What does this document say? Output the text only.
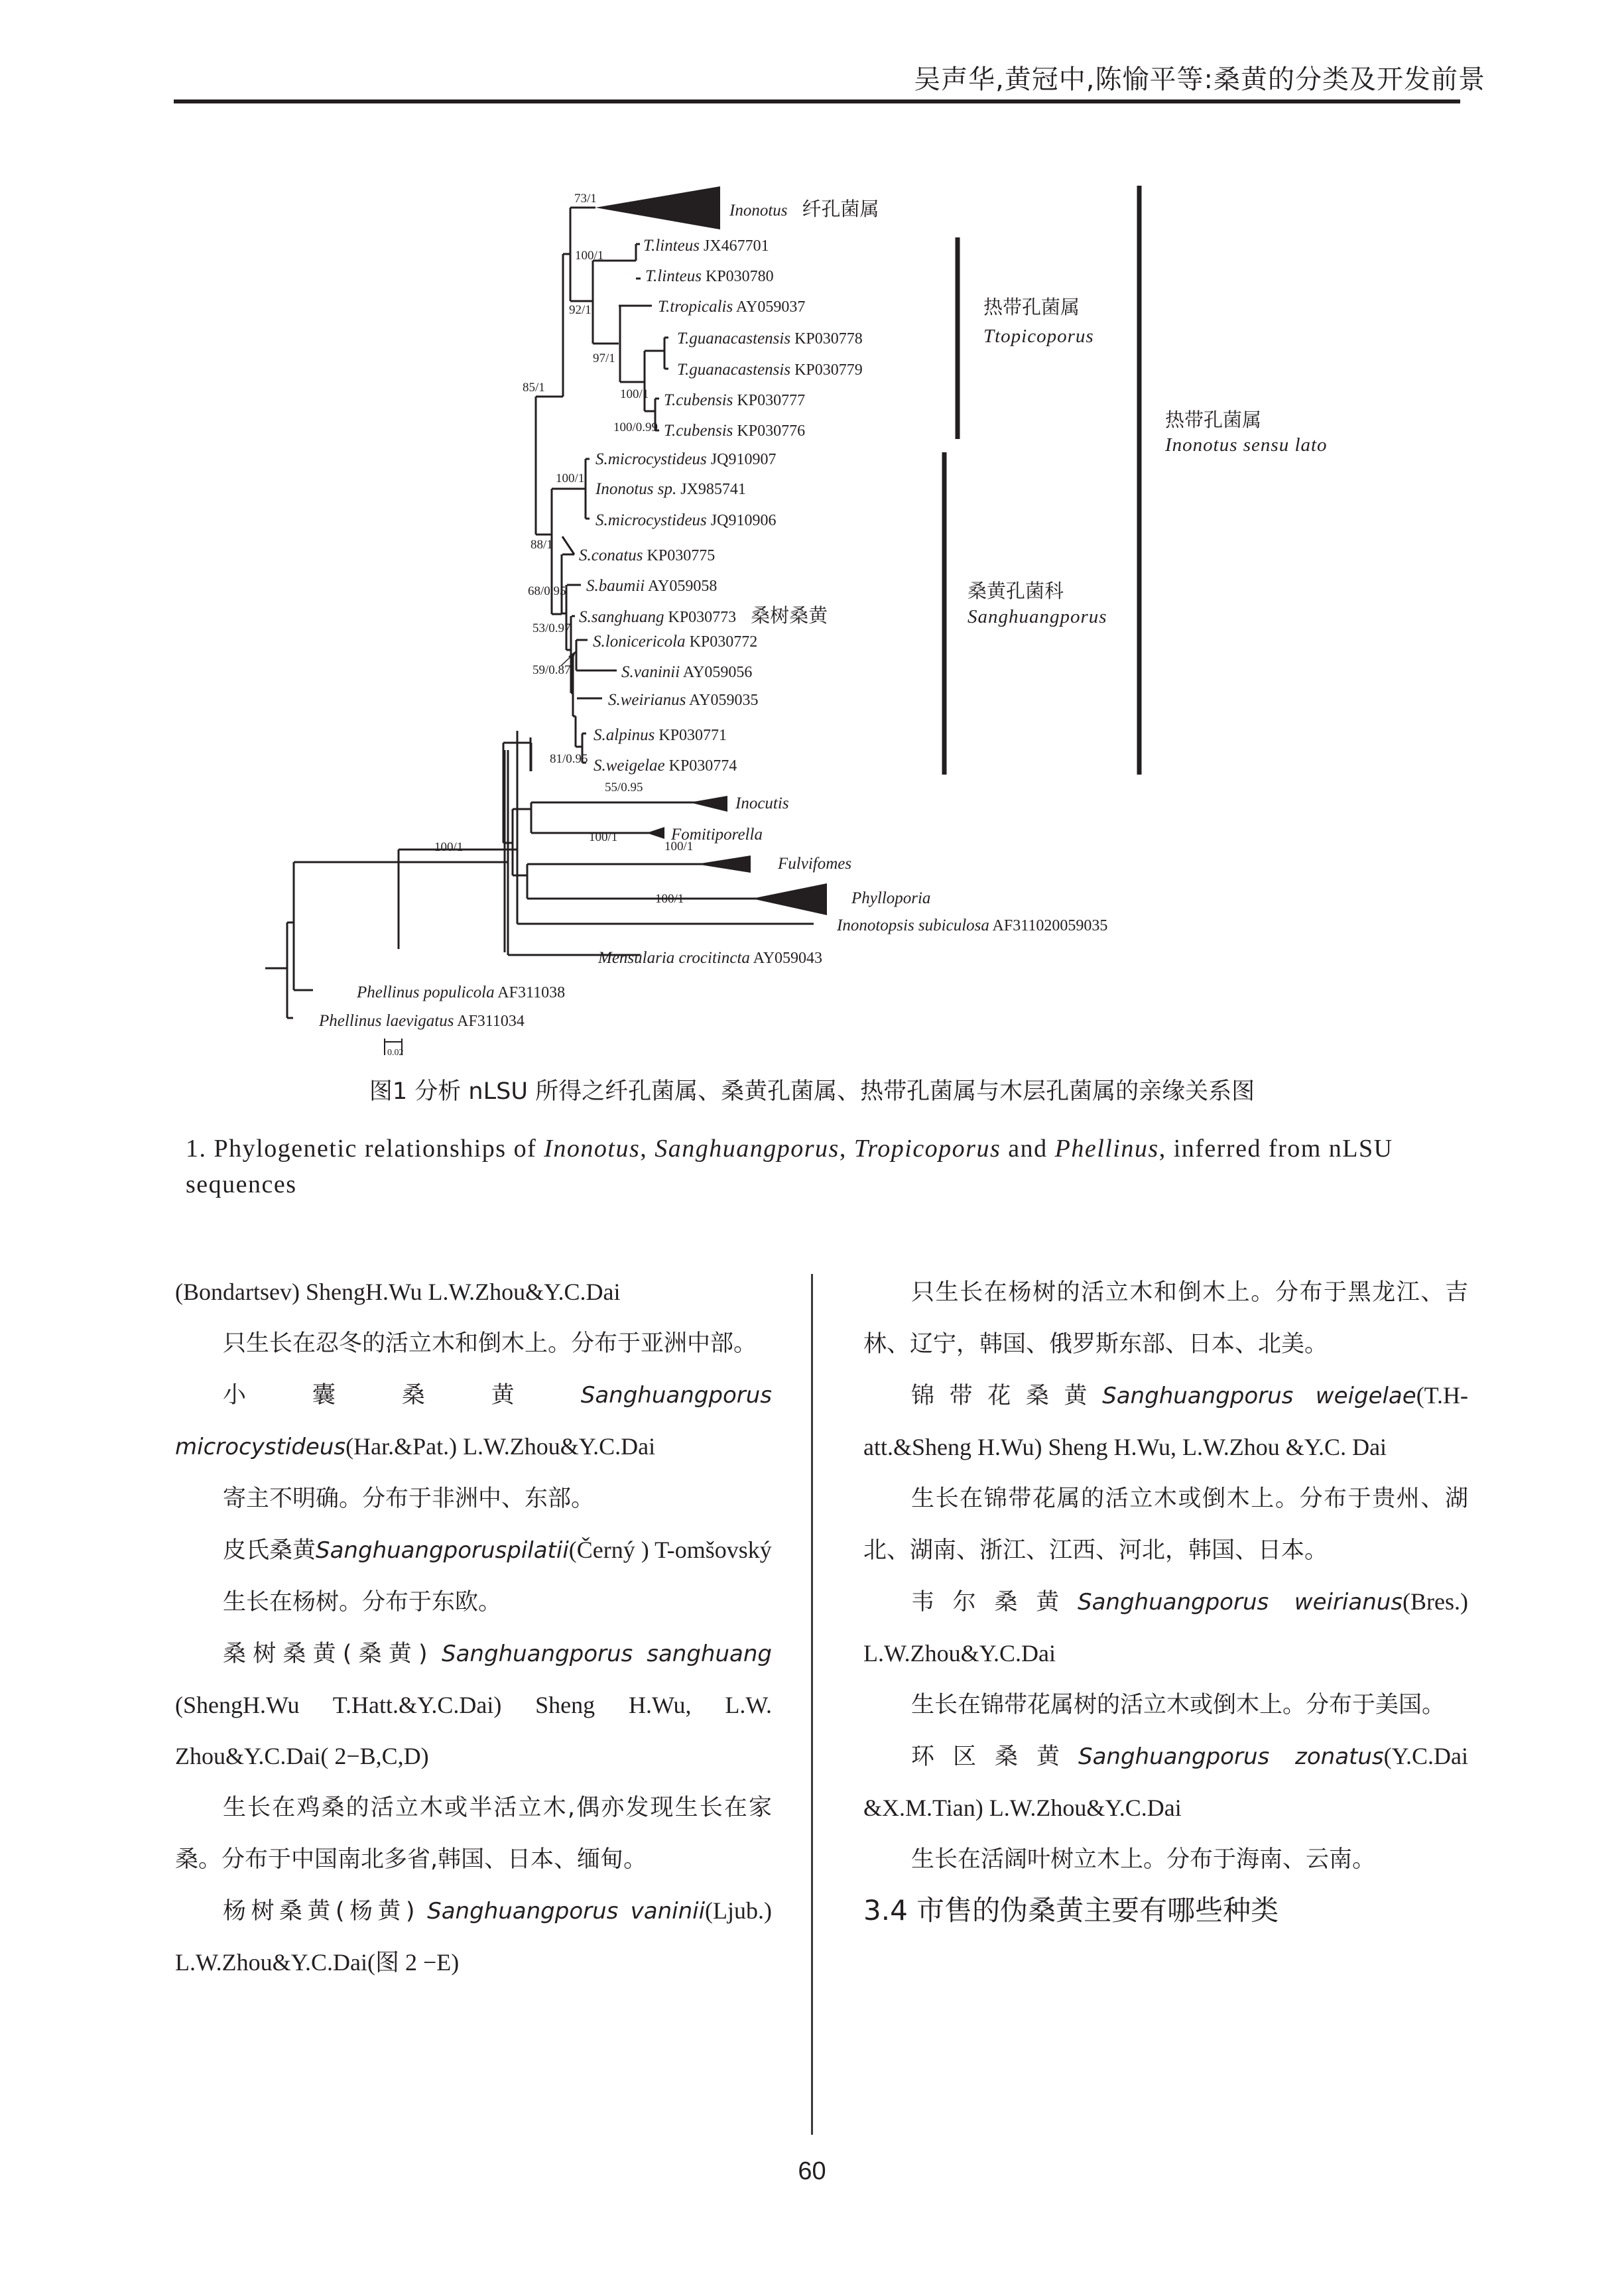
吴声华,黄冠中,陈愉平等:桑黄的分类及开发前景
Inonotus 纤孔菌属
73/1
T.linteus JX467701
T.linteus KP030780
100/1
T.tropicalis AY059037
T.guanacastensis KP030778
T.guanacastensis KP030779
T.cubensis KP030777
T.cubensis KP030776
100/1
100/0.99
97/1
92/1
85/1
S.microcystideus JQ910907
Inonotus sp. JX985741
S.microcystideus JQ910906
100/1
S.conatus KP030775
S.baumii AY059058
S.sanghuang KP030773 桑树桑黄
S.lonicericola KP030772
S.vaninii AY059056
S.weirianus AY059035
S.alpinus KP030771
S.weigelae KP030774
81/0.95
53/0.97
59/0.87
68/0.95
88/1
Inocutis
55/0.95
Fomitiporella
100/1
Fulvifomes
100/1
Phylloporia
100/1
Inonotopsis subiculosa AF311020059035
100/1
Mensularia crocitincta AY059043
Phellinus populicola AF311038
Phellinus laevigatus AF311034
0.02
热带孔菌属
Ttopicoporus
桑黄孔菌科
Sanghuangporus
热带孔菌属
Inonotus sensu lato
图1 分析 nLSU 所得之纤孔菌属、桑黄孔菌属、热带孔菌属与木层孔菌属的亲缘关系图
1. Phylogenetic relationships of Inonotus, Sanghuangporus, Tropicoporus and Phellinus, inferred from nLSU sequences

(Bondartsev) ShengH.Wu L.W.Zhou&Y.C.Dai

只生长在忍冬的活立木和倒木上。分布于亚洲中部。

小囊桑黄Sanghuangporus microcystideus(Har.&Pat.) L.W.Zhou&Y.C.Dai

寄主不明确。分布于非洲中、东部。

皮氏桑黄Sanghuangporuspilatii(Černý ) T-omšovský

生长在杨树。分布于东欧。

桑树桑黄(桑黄) Sanghuangporus sanghuang (ShengH.Wu T.Hatt.&Y.C.Dai) Sheng H.Wu, L.W. Zhou&Y.C.Dai( 2−B,C,D)

生长在鸡桑的活立木或半活立木,偶亦发现生长在家桑。分布于中国南北多省,韩国、日本、缅甸。

杨树桑黄(杨黄) Sanghuangporus vaninii(Ljub.) L.W.Zhou&Y.C.Dai(图 2 −E)

只生长在杨树的活立木和倒木上。分布于黑龙江、吉林、辽宁，韩国、俄罗斯东部、日本、北美。

锦带花桑黄Sanghuangporus weigelae(T.H-att.&Sheng H.Wu) Sheng H.Wu, L.W.Zhou &Y.C. Dai

生长在锦带花属的活立木或倒木上。分布于贵州、湖北、湖南、浙江、江西、河北，韩国、日本。

韦尔桑黄Sanghuangporus weirianus(Bres.) L.W.Zhou&Y.C.Dai

生长在锦带花属树的活立木或倒木上。分布于美国。

环区桑黄Sanghuangporus zonatus(Y.C.Dai &X.M.Tian) L.W.Zhou&Y.C.Dai

生长在活阔叶树立木上。分布于海南、云南。

3.4 市售的伪桑黄主要有哪些种类
60
